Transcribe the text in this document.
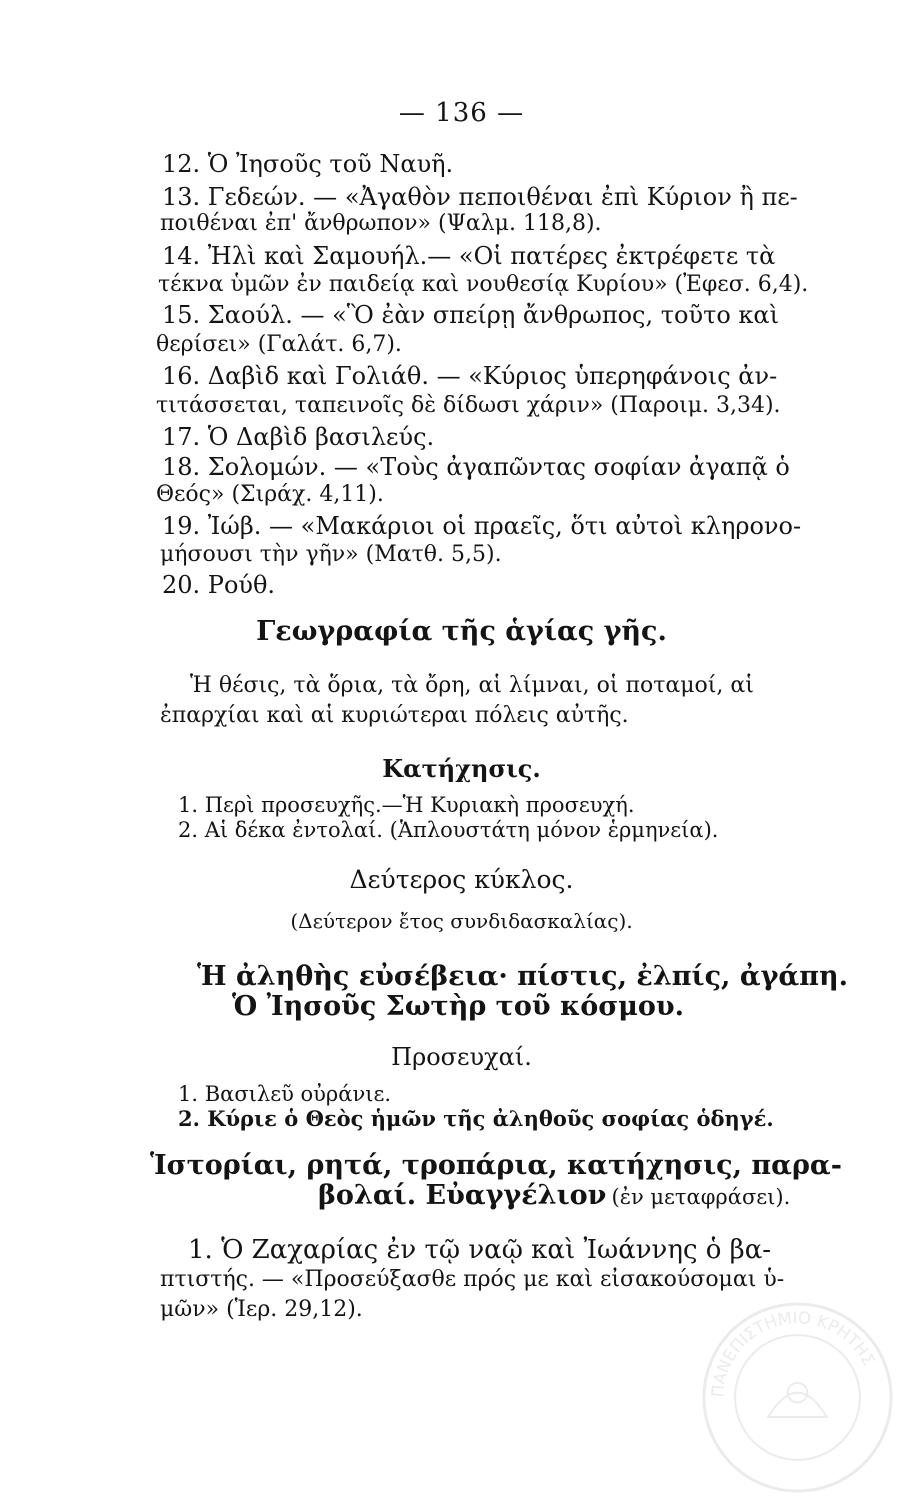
— 136 —
12. Ὁ Ἰησοῦς τοῦ Ναυῆ.
13. Γεδεών. — «Ἀγαθὸν πεποιθέναι ἐπὶ Κύριον ἢ πε-
ποιθέναι ἐπ' ἄνθρωπον» (Ψαλμ. 118,8).
14. Ἠλὶ καὶ Σαμουήλ.— «Οἱ πατέρες ἐκτρέφετε τὰ
τέκνα ὑμῶν ἐν παιδείᾳ καὶ νουθεσίᾳ Κυρίου» (Ἐφεσ. 6,4).
15. Σαούλ. — «Ὃ ἐὰν σπείρῃ ἄνθρωπος, τοῦτο καὶ
θερίσει» (Γαλάτ. 6,7).
16. Δαβὶδ καὶ Γολιάθ. — «Κύριος ὑπερηφάνοις ἀν-
τιτάσσεται, ταπεινοῖς δὲ δίδωσι χάριν» (Παροιμ. 3,34).
17. Ὁ Δαβὶδ βασιλεύς.
18. Σολομών. — «Τοὺς ἀγαπῶντας σοφίαν ἀγαπᾷ ὁ
Θεός» (Σιράχ. 4,11).
19. Ἰώβ. — «Μακάριοι οἱ πραεῖς, ὅτι αὐτοὶ κληρονο-
μήσουσι τὴν γῆν» (Ματθ. 5,5).
20. Ρούθ.
Γεωγραφία τῆς ἁγίας γῆς.
Ἡ θέσις, τὰ ὅρια, τὰ ὄρη, αἱ λίμναι, οἱ ποταμοί, αἱ
ἐπαρχίαι καὶ αἱ κυριώτεραι πόλεις αὐτῆς.
Κατήχησις.
1. Περὶ προσευχῆς.—Ἡ Κυριακὴ προσευχή.
2. Αἱ δέκα ἐντολαί. (Ἁπλουστάτη μόνον ἑρμηνεία).
Δεύτερος κύκλος.
(Δεύτερον ἔτος συνδιδασκαλίας).
Ἡ ἀληθὴς εὐσέβεια· πίστις, ἐλπίς, ἀγάπη.
Ὁ Ἰησοῦς Σωτὴρ τοῦ κόσμου.
Προσευχαί.
1. Βασιλεῦ οὐράνιε.
2. Κύριε ὁ Θεὸς ἡμῶν τῆς ἀληθοῦς σοφίας ὁδηγέ.
Ἱστορίαι, ρητά, τροπάρια, κατήχησις, παρα-
βολαί. Εὐαγγέλιον (ἐν μεταφράσει).
1. Ὁ Ζαχαρίας ἐν τῷ ναῷ καὶ Ἰωάννης ὁ βα-
πτιστής. — «Προσεύξασθε πρός με καὶ εἰσακούσομαι ὑ-
μῶν» (Ἱερ. 29,12).
ΠΑΝΕΠΙΣΤΗΜΙΟ ΚΡΗΤΗΣ
